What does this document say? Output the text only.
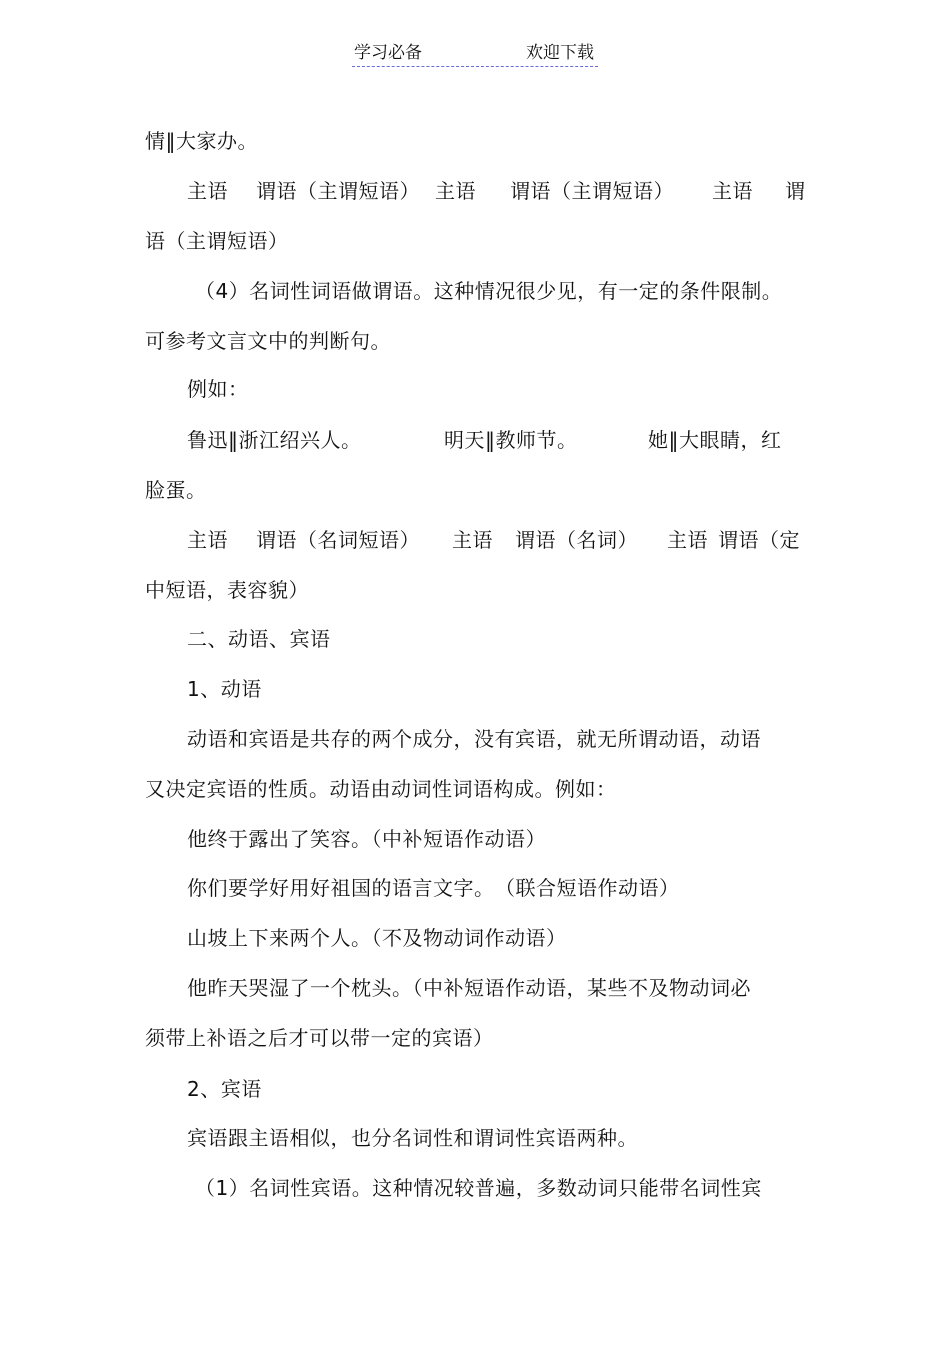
学习必备	欢迎下载
情‖大家办。
主语 谓语（主谓短语） 主语 谓语（主谓短语） 主语 谓
语（主谓短语）
（4）名词性词语做谓语。这种情况很少见，有一定的条件限制。
可参考文言文中的判断句。
例如：
鲁迅‖浙江绍兴人。	明天‖教师节。	她‖大眼睛，红
脸蛋。
主语 谓语（名词短语） 主语 谓语（名词） 主语 谓语（定
中短语，表容貌）
二、动语、宾语
1、动语
动语和宾语是共存的两个成分，没有宾语，就无所谓动语，动语
又决定宾语的性质。动语由动词性词语构成。例如：
他终于露出了笑容。（中补短语作动语）
你们要学好用好祖国的语言文字。　（联合短语作动语）
山坡上下来两个人。（不及物动词作动语）
他昨天哭湿了一个枕头。（中补短语作动语，某些不及物动词必
须带上补语之后才可以带一定的宾语）
2、宾语
宾语跟主语相似，也分名词性和谓词性宾语两种。
（1）名词性宾语。这种情况较普遍，多数动词只能带名词性宾
